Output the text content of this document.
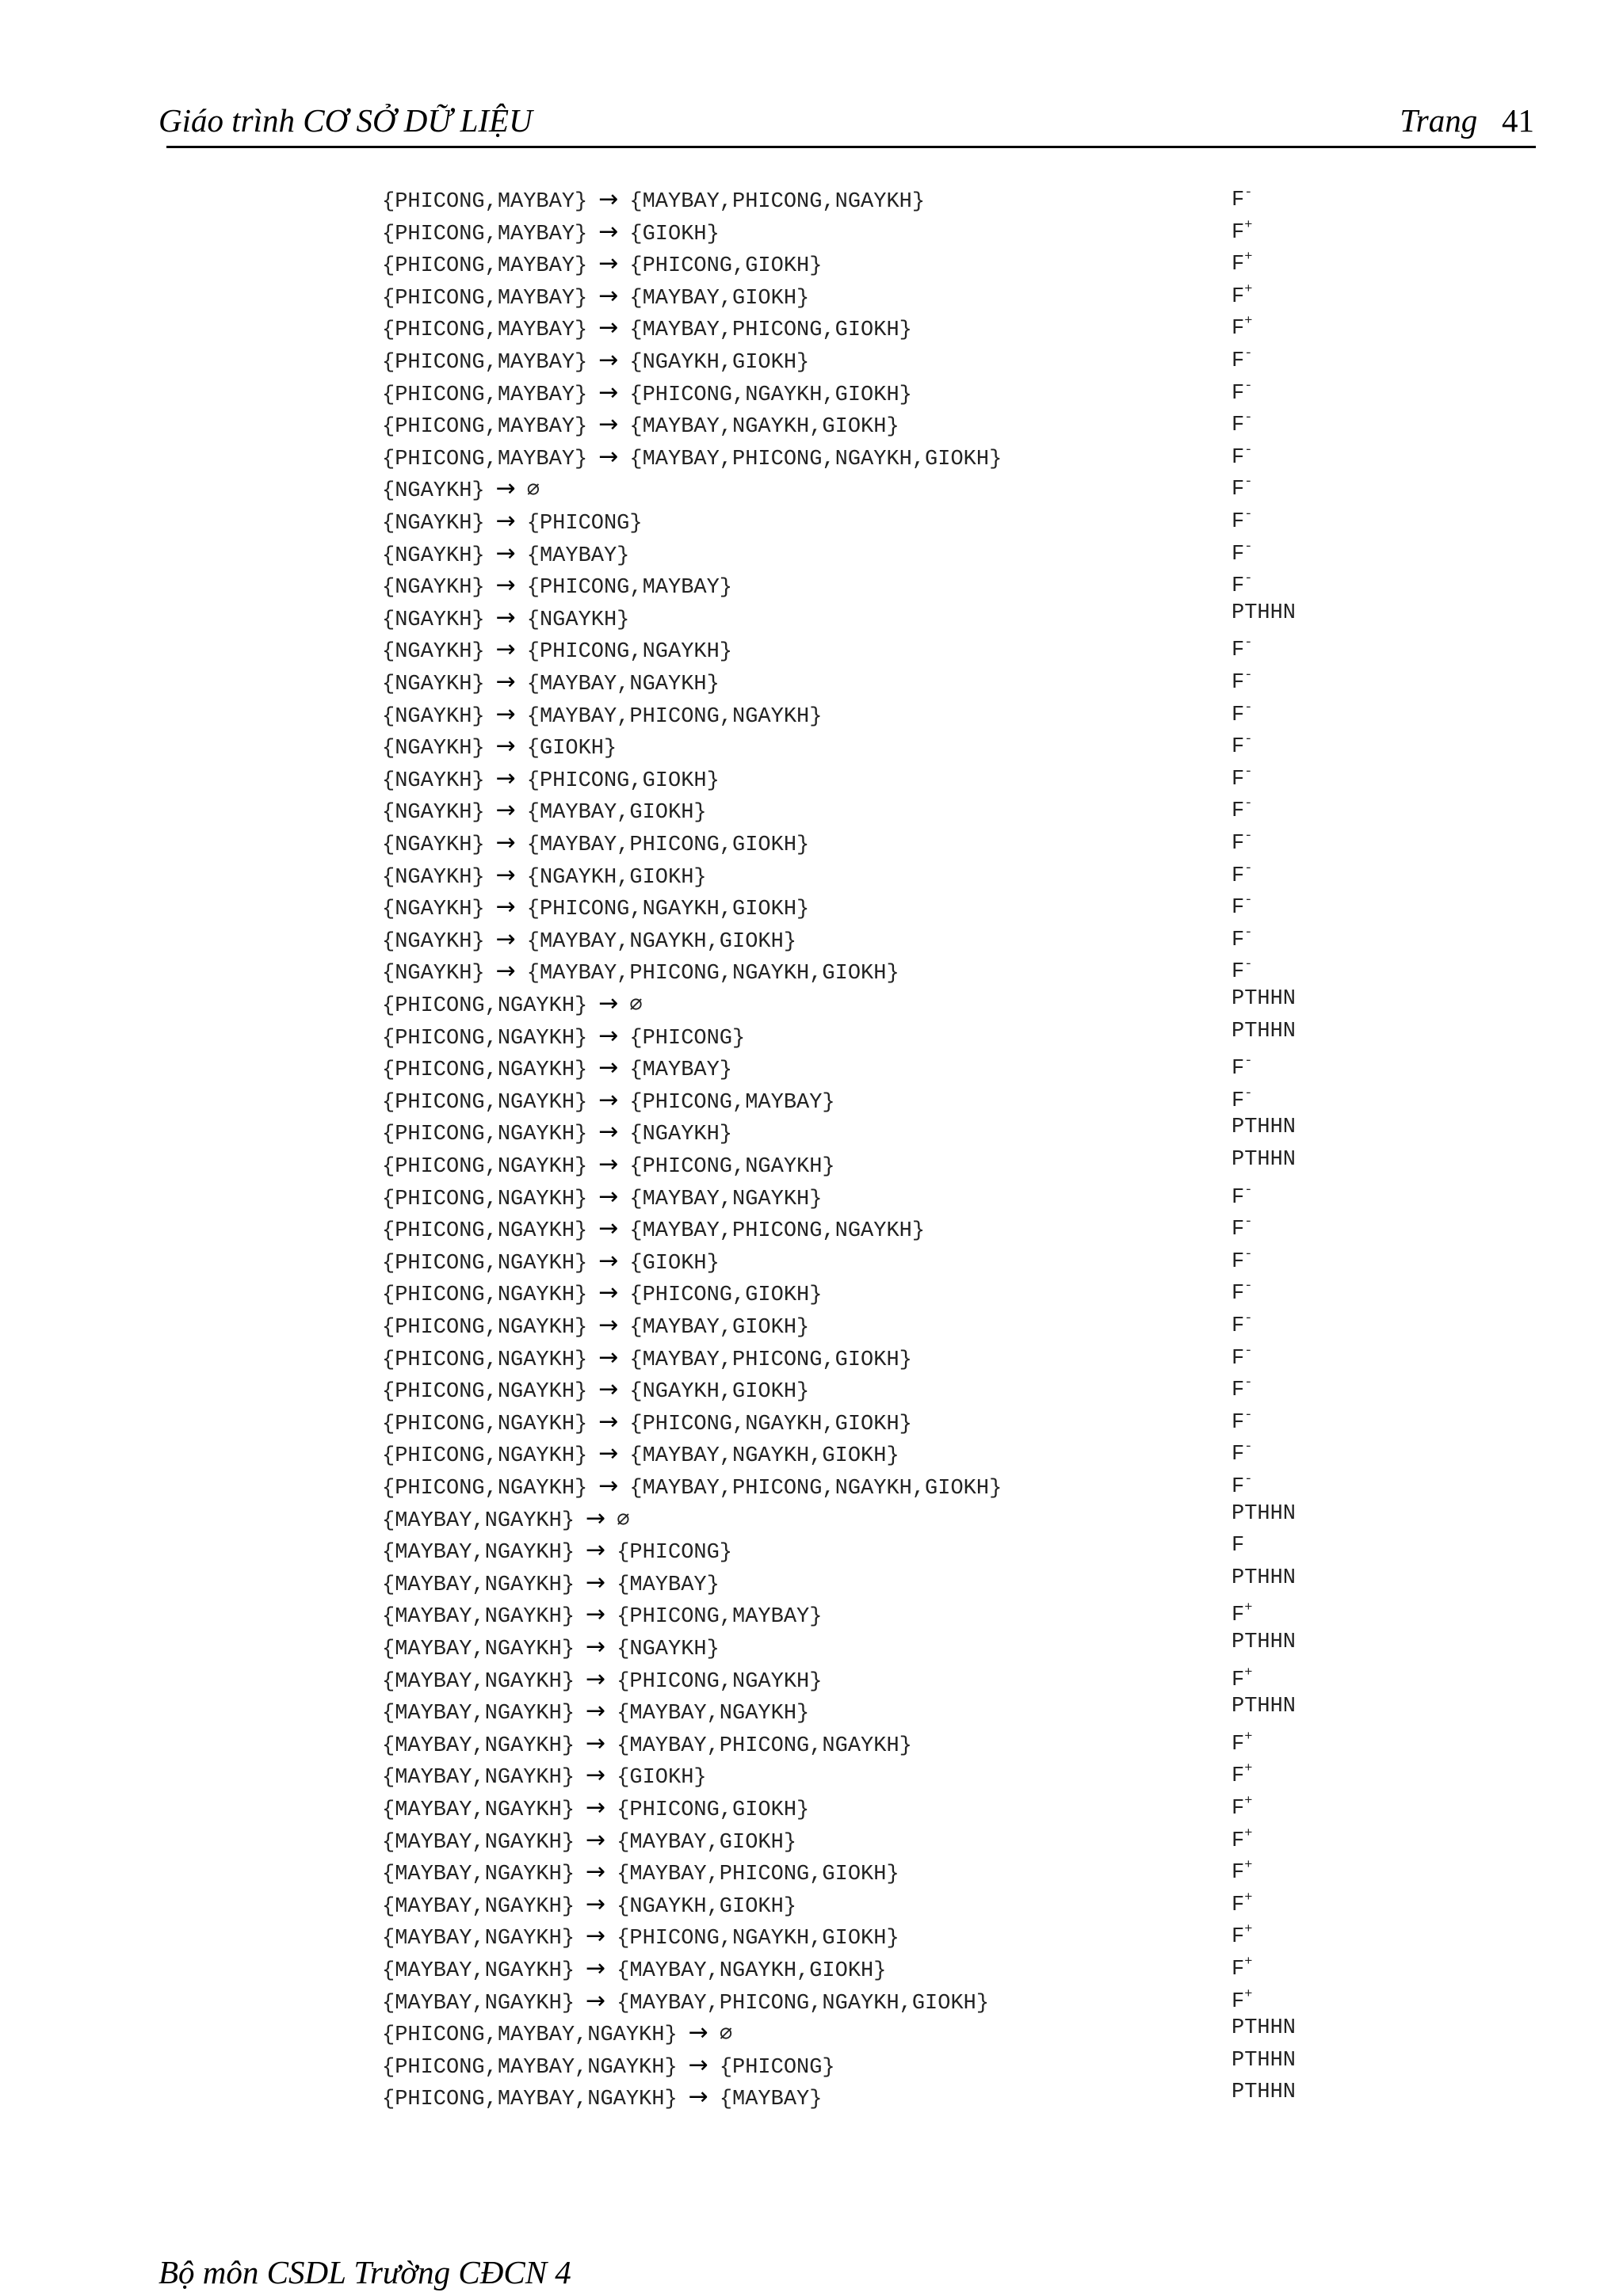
Giáo trình CƠ SỞ DỮ LIỆU	Trang 41
{PHICONG,MAYBAY} → {MAYBAY,PHICONG,NGAYKH}	F-
{PHICONG,MAYBAY} → {GIOKH}	F+
{PHICONG,MAYBAY} → {PHICONG,GIOKH}	F+
{PHICONG,MAYBAY} → {MAYBAY,GIOKH}	F+
{PHICONG,MAYBAY} → {MAYBAY,PHICONG,GIOKH}	F+
{PHICONG,MAYBAY} → {NGAYKH,GIOKH}	F-
{PHICONG,MAYBAY} → {PHICONG,NGAYKH,GIOKH}	F-
{PHICONG,MAYBAY} → {MAYBAY,NGAYKH,GIOKH}	F-
{PHICONG,MAYBAY} → {MAYBAY,PHICONG,NGAYKH,GIOKH}	F-
{NGAYKH} → ∅	F-
{NGAYKH} → {PHICONG}	F-
{NGAYKH} → {MAYBAY}	F-
{NGAYKH} → {PHICONG,MAYBAY}	F-
{NGAYKH} → {NGAYKH}	PTHHN
{NGAYKH} → {PHICONG,NGAYKH}	F-
{NGAYKH} → {MAYBAY,NGAYKH}	F-
{NGAYKH} → {MAYBAY,PHICONG,NGAYKH}	F-
{NGAYKH} → {GIOKH}	F-
{NGAYKH} → {PHICONG,GIOKH}	F-
{NGAYKH} → {MAYBAY,GIOKH}	F-
{NGAYKH} → {MAYBAY,PHICONG,GIOKH}	F-
{NGAYKH} → {NGAYKH,GIOKH}	F-
{NGAYKH} → {PHICONG,NGAYKH,GIOKH}	F-
{NGAYKH} → {MAYBAY,NGAYKH,GIOKH}	F-
{NGAYKH} → {MAYBAY,PHICONG,NGAYKH,GIOKH}	F-
{PHICONG,NGAYKH} → ∅	PTHHN
{PHICONG,NGAYKH} → {PHICONG}	PTHHN
{PHICONG,NGAYKH} → {MAYBAY}	F-
{PHICONG,NGAYKH} → {PHICONG,MAYBAY}	F-
{PHICONG,NGAYKH} → {NGAYKH}	PTHHN
{PHICONG,NGAYKH} → {PHICONG,NGAYKH}	PTHHN
{PHICONG,NGAYKH} → {MAYBAY,NGAYKH}	F-
{PHICONG,NGAYKH} → {MAYBAY,PHICONG,NGAYKH}	F-
{PHICONG,NGAYKH} → {GIOKH}	F-
{PHICONG,NGAYKH} → {PHICONG,GIOKH}	F-
{PHICONG,NGAYKH} → {MAYBAY,GIOKH}	F-
{PHICONG,NGAYKH} → {MAYBAY,PHICONG,GIOKH}	F-
{PHICONG,NGAYKH} → {NGAYKH,GIOKH}	F-
{PHICONG,NGAYKH} → {PHICONG,NGAYKH,GIOKH}	F-
{PHICONG,NGAYKH} → {MAYBAY,NGAYKH,GIOKH}	F-
{PHICONG,NGAYKH} → {MAYBAY,PHICONG,NGAYKH,GIOKH}	F-
{MAYBAY,NGAYKH} → ∅	PTHHN
{MAYBAY,NGAYKH} → {PHICONG}	F
{MAYBAY,NGAYKH} → {MAYBAY}	PTHHN
{MAYBAY,NGAYKH} → {PHICONG,MAYBAY}	F+
{MAYBAY,NGAYKH} → {NGAYKH}	PTHHN
{MAYBAY,NGAYKH} → {PHICONG,NGAYKH}	F+
{MAYBAY,NGAYKH} → {MAYBAY,NGAYKH}	PTHHN
{MAYBAY,NGAYKH} → {MAYBAY,PHICONG,NGAYKH}	F+
{MAYBAY,NGAYKH} → {GIOKH}	F+
{MAYBAY,NGAYKH} → {PHICONG,GIOKH}	F+
{MAYBAY,NGAYKH} → {MAYBAY,GIOKH}	F+
{MAYBAY,NGAYKH} → {MAYBAY,PHICONG,GIOKH}	F+
{MAYBAY,NGAYKH} → {NGAYKH,GIOKH}	F+
{MAYBAY,NGAYKH} → {PHICONG,NGAYKH,GIOKH}	F+
{MAYBAY,NGAYKH} → {MAYBAY,NGAYKH,GIOKH}	F+
{MAYBAY,NGAYKH} → {MAYBAY,PHICONG,NGAYKH,GIOKH}	F+
{PHICONG,MAYBAY,NGAYKH} → ∅	PTHHN
{PHICONG,MAYBAY,NGAYKH} → {PHICONG}	PTHHN
{PHICONG,MAYBAY,NGAYKH} → {MAYBAY}	PTHHN
Bộ môn CSDL Trường CĐCN 4
